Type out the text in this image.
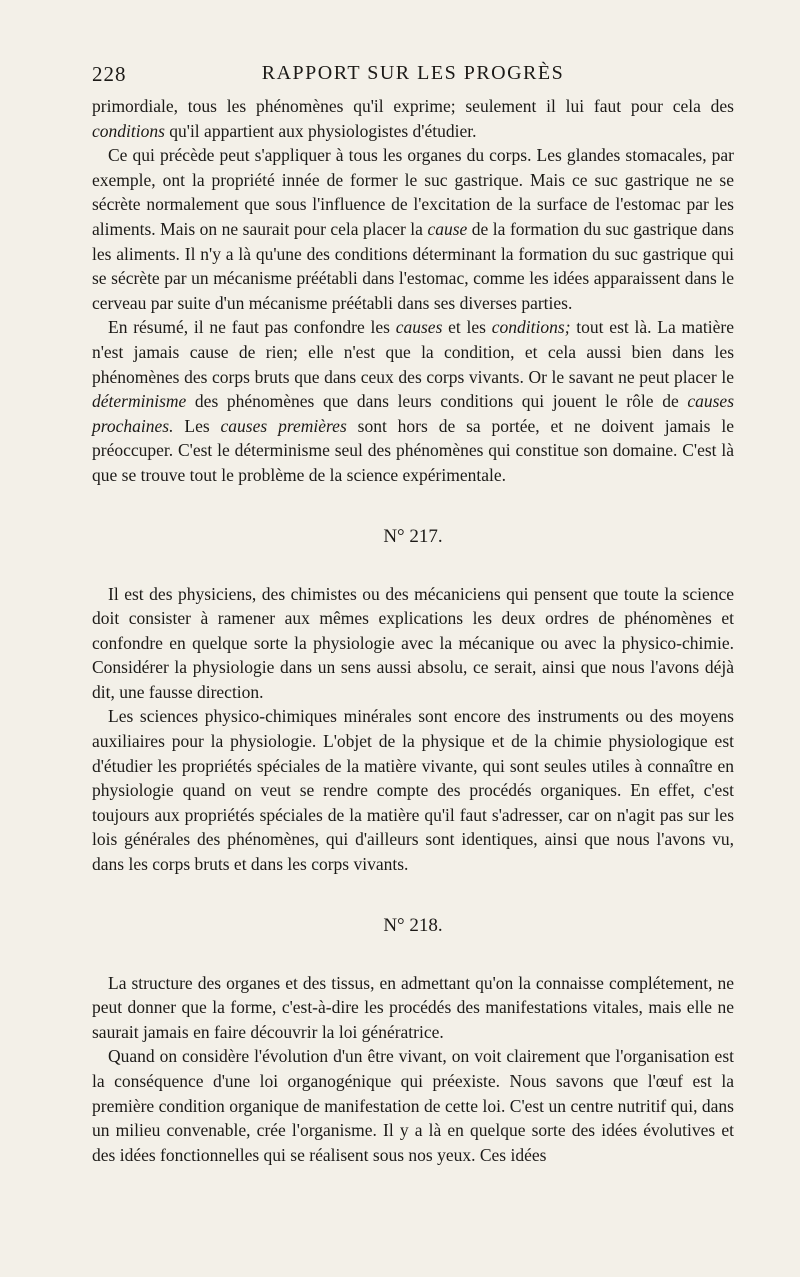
228	RAPPORT SUR LES PROGRÈS

primordiale, tous les phénomènes qu'il exprime; seulement il lui faut pour cela des conditions qu'il appartient aux physiologistes d'étudier.

Ce qui précède peut s'appliquer à tous les organes du corps. Les glandes stomacales, par exemple, ont la propriété innée de former le suc gastrique. Mais ce suc gastrique ne se sécrète normalement que sous l'influence de l'excitation de la surface de l'estomac par les aliments. Mais on ne saurait pour cela placer la cause de la formation du suc gastrique dans les aliments. Il n'y a là qu'une des conditions déterminant la formation du suc gastrique qui se sécrète par un mécanisme préétabli dans l'estomac, comme les idées apparaissent dans le cerveau par suite d'un mécanisme préétabli dans ses diverses parties.

En résumé, il ne faut pas confondre les causes et les conditions; tout est là. La matière n'est jamais cause de rien; elle n'est que la condition, et cela aussi bien dans les phénomènes des corps bruts que dans ceux des corps vivants. Or le savant ne peut placer le déterminisme des phénomènes que dans leurs conditions qui jouent le rôle de causes prochaines. Les causes premières sont hors de sa portée, et ne doivent jamais le préoccuper. C'est le déterminisme seul des phénomènes qui constitue son domaine. C'est là que se trouve tout le problème de la science expérimentale.

N° 217.

Il est des physiciens, des chimistes ou des mécaniciens qui pensent que toute la science doit consister à ramener aux mêmes explications les deux ordres de phénomènes et confondre en quelque sorte la physiologie avec la mécanique ou avec la physico-chimie. Considérer la physiologie dans un sens aussi absolu, ce serait, ainsi que nous l'avons déjà dit, une fausse direction.

Les sciences physico-chimiques minérales sont encore des instruments ou des moyens auxiliaires pour la physiologie. L'objet de la physique et de la chimie physiologique est d'étudier les propriétés spéciales de la matière vivante, qui sont seules utiles à connaître en physiologie quand on veut se rendre compte des procédés organiques. En effet, c'est toujours aux propriétés spéciales de la matière qu'il faut s'adresser, car on n'agit pas sur les lois générales des phénomènes, qui d'ailleurs sont identiques, ainsi que nous l'avons vu, dans les corps bruts et dans les corps vivants.

N° 218.

La structure des organes et des tissus, en admettant qu'on la connaisse complétement, ne peut donner que la forme, c'est-à-dire les procédés des manifestations vitales, mais elle ne saurait jamais en faire découvrir la loi génératrice.

Quand on considère l'évolution d'un être vivant, on voit clairement que l'organisation est la conséquence d'une loi organogénique qui préexiste. Nous savons que l'œuf est la première condition organique de manifestation de cette loi. C'est un centre nutritif qui, dans un milieu convenable, crée l'organisme. Il y a là en quelque sorte des idées évolutives et des idées fonctionnelles qui se réalisent sous nos yeux. Ces idées
